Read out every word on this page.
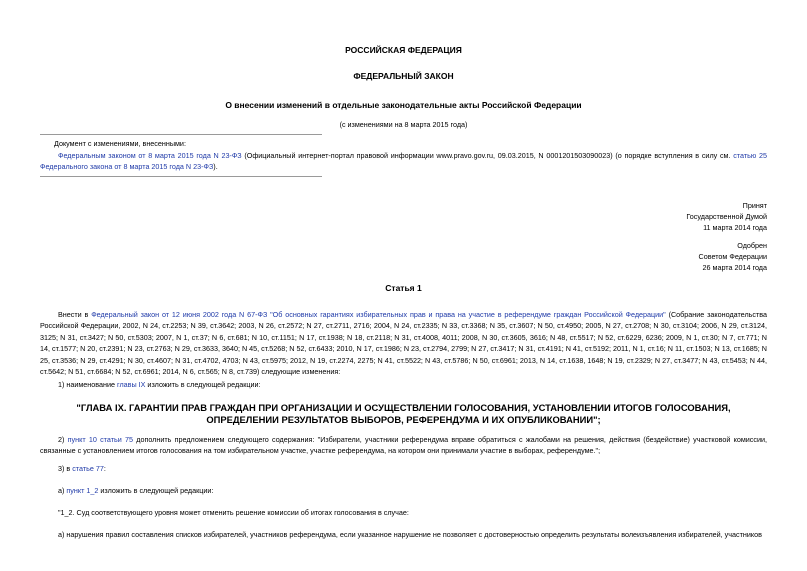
РОССИЙСКАЯ ФЕДЕРАЦИЯ
ФЕДЕРАЛЬНЫЙ ЗАКОН
О внесении изменений в отдельные законодательные акты Российской Федерации
(с изменениями на 8 марта 2015 года)
Документ с изменениями, внесенными:
Федеральным законом от 8 марта 2015 года N 23-ФЗ (Официальный интернет-портал правовой информации www.pravo.gov.ru, 09.03.2015, N 0001201503090023) (о порядке вступления в силу см. статью 25 Федерального закона от 8 марта 2015 года N 23-ФЗ).
Принят
Государственной Думой
11 марта 2014 года
Одобрен
Советом Федерации
26 марта 2014 года
Статья 1
Внести в Федеральный закон от 12 июня 2002 года N 67-ФЗ "Об основных гарантиях избирательных прав и права на участие в референдуме граждан Российской Федерации" (Собрание законодательства Российской Федерации, 2002, N 24, ст.2253; N 39, ст.3642; 2003, N 26, ст.2572; N 27, ст.2711, 2716; 2004, N 24, ст.2335; N 33, ст.3368; N 35, ст.3607; N 50, ст.4950; 2005, N 27, ст.2708; N 30, ст.3104; 2006, N 29, ст.3124, 3125; N 31, ст.3427; N 50, ст.5303; 2007, N 1, ст.37; N 6, ст.681; N 10, ст.1151; N 17, ст.1938; N 18, ст.2118; N 31, ст.4008, 4011; 2008, N 30, ст.3605, 3616; N 48, ст.5517; N 52, ст.6229, 6236; 2009, N 1, ст.30; N 7, ст.771; N 14, ст.1577; N 20, ст.2391; N 23, ст.2763; N 29, ст.3633, 3640; N 45, ст.5268; N 52, ст.6433; 2010, N 17, ст.1986; N 23, ст.2794, 2799; N 27, ст.3417; N 31, ст.4191; N 41, ст.5192; 2011, N 1, ст.16; N 11, ст.1503; N 13, ст.1685; N 25, ст.3536; N 29, ст.4291; N 30, ст.4607; N 31, ст.4702, 4703; N 43, ст.5975; 2012, N 19, ст.2274, 2275; N 41, ст.5522; N 43, ст.5786; N 50, ст.6961; 2013, N 14, ст.1638, 1648; N 19, ст.2329; N 27, ст.3477; N 43, ст.5453; N 44, ст.5642; N 51, ст.6684; N 52, ст.6961; 2014, N 6, ст.565; N 8, ст.739) следующие изменения:
1) наименование главы IX изложить в следующей редакции:
"ГЛАВА IX. ГАРАНТИИ ПРАВ ГРАЖДАН ПРИ ОРГАНИЗАЦИИ И ОСУЩЕСТВЛЕНИИ ГОЛОСОВАНИЯ, УСТАНОВЛЕНИИ ИТОГОВ ГОЛОСОВАНИЯ, ОПРЕДЕЛЕНИИ РЕЗУЛЬТАТОВ ВЫБОРОВ, РЕФЕРЕНДУМА И ИХ ОПУБЛИКОВАНИИ";
2) пункт 10 статьи 75 дополнить предложением следующего содержания: "Избиратели, участники референдума вправе обратиться с жалобами на решения, действия (бездействие) участковой комиссии, связанные с установлением итогов голосования на том избирательном участке, участке референдума, на котором они принимали участие в выборах, референдуме.";
3) в статье 77:
а) пункт 1_2 изложить в следующей редакции:
"1_2. Суд соответствующего уровня может отменить решение комиссии об итогах голосования в случае:
а) нарушения правил составления списков избирателей, участников референдума, если указанное нарушение не позволяет с достоверностью определить результаты волеизъявления избирателей, участников
